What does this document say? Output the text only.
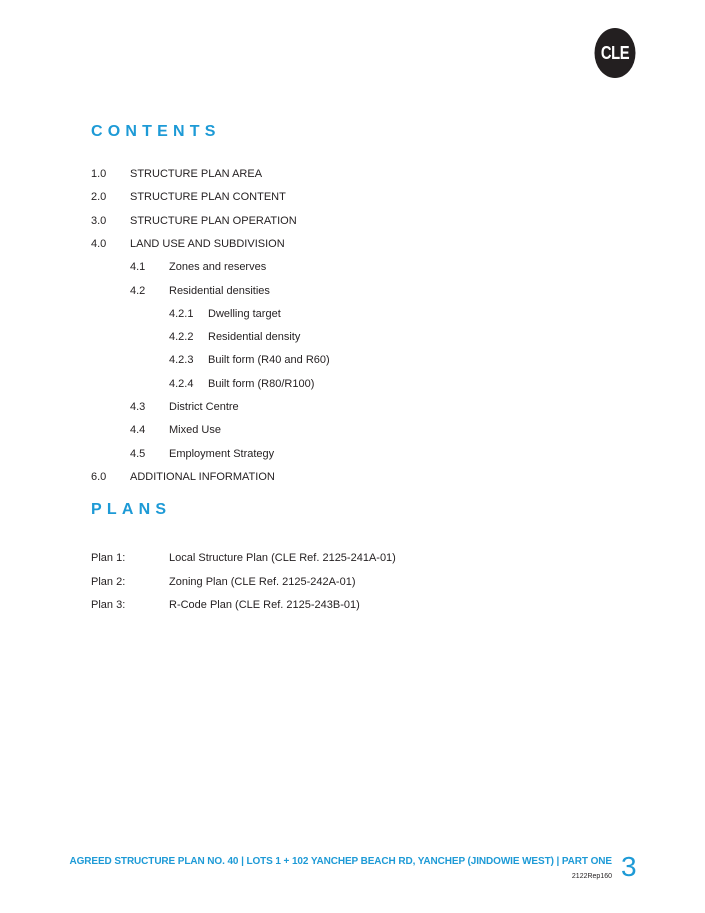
CLE
CONTENTS
1.0 STRUCTURE PLAN AREA
2.0 STRUCTURE PLAN CONTENT
3.0 STRUCTURE PLAN OPERATION
4.0 LAND USE AND SUBDIVISION
4.1 Zones and reserves
4.2 Residential densities
4.2.1 Dwelling target
4.2.2 Residential density
4.2.3 Built form (R40 and R60)
4.2.4 Built form (R80/R100)
4.3 District Centre
4.4 Mixed Use
4.5 Employment Strategy
6.0 ADDITIONAL INFORMATION
PLANS
Plan 1:	Local Structure Plan (CLE Ref. 2125-241A-01)
Plan 2:	Zoning Plan (CLE Ref. 2125-242A-01)
Plan 3:	R-Code Plan (CLE Ref. 2125-243B-01)
AGREED STRUCTURE PLAN NO. 40 | LOTS 1 + 102 YANCHEP BEACH RD, YANCHEP (JINDOWIE WEST) | PART ONE
2122Rep160 3
